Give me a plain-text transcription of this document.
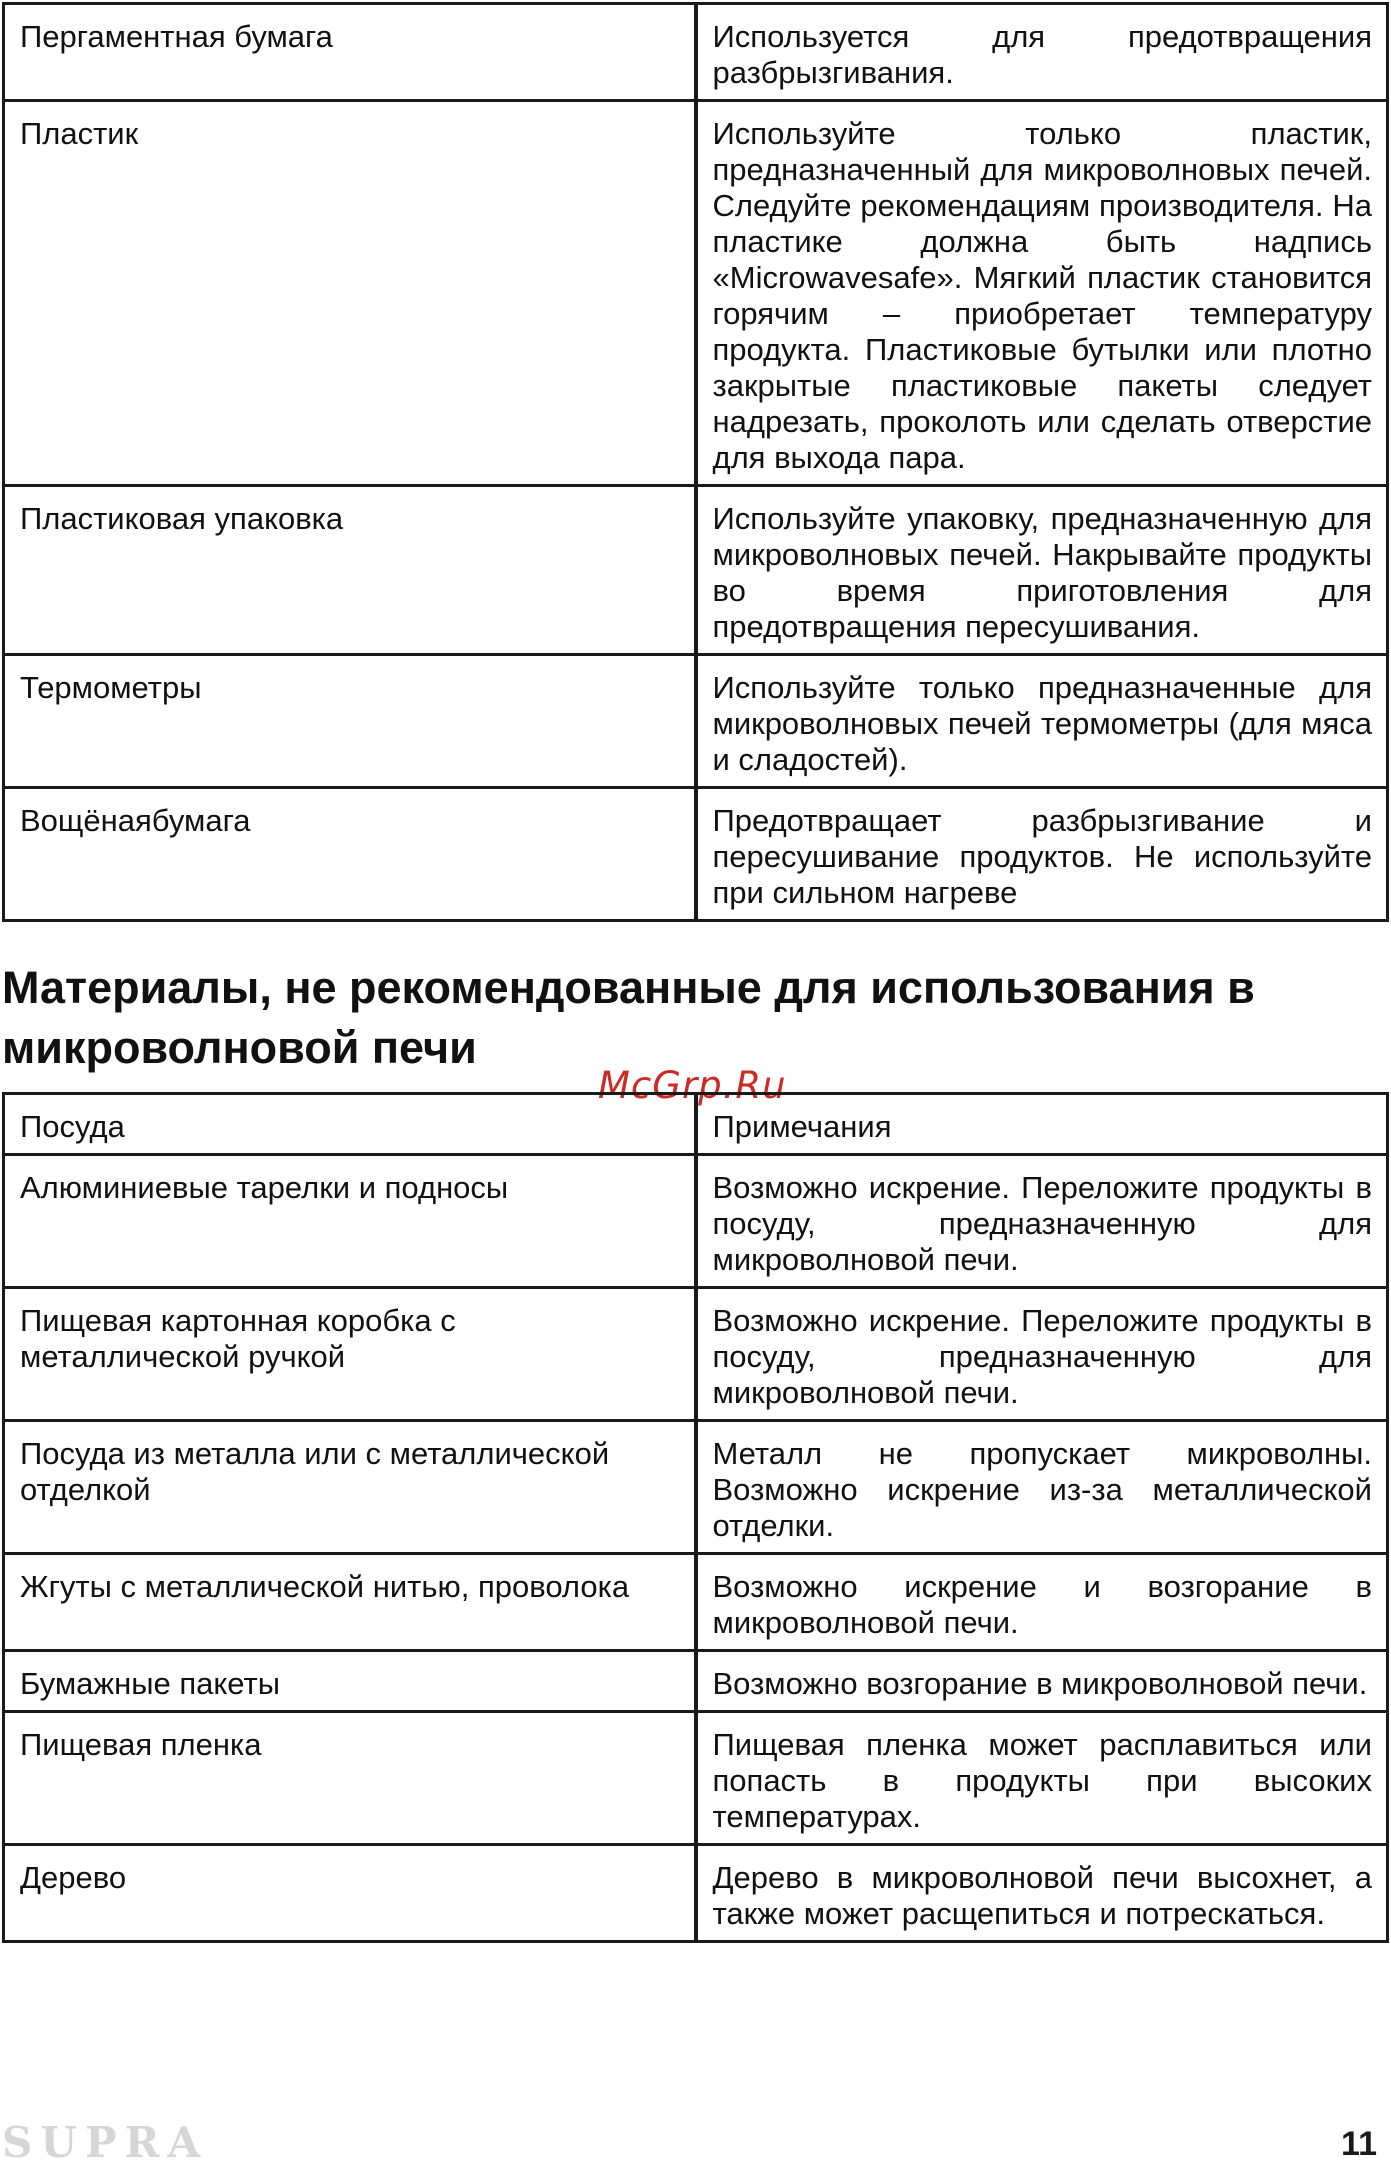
Пергаментная бумага	Используется для предотвращения разбрызгивания.
Пластик	Используйте только пластик, предназначенный для микроволновых печей. Следуйте рекомендациям производителя. На пластике должна быть надпись «Microwavesafe». Мягкий пластик становится горячим – приобретает температуру продукта. Пластиковые бутылки или плотно закрытые пластиковые пакеты следует надрезать, проколоть или сделать отверстие для выхода пара.
Пластиковая упаковка	Используйте упаковку, предназначенную для микроволновых печей. Накрывайте продукты во время приготовления для предотвращения пересушивания.
Термометры	Используйте только предназначенные для микроволновых печей термометры (для мяса и сладостей).
Вощёнаябумага	Предотвращает разбрызгивание и пересушивание продуктов. Не используйте при сильном нагреве
Материалы, не рекомендованные для использования в микроволновой печи
McGrp.Ru
Посуда	Примечания
Алюминиевые тарелки и подносы	Возможно искрение. Переложите продукты в посуду, предназначенную для микроволновой печи.
Пищевая картонная коробка с металлической ручкой	Возможно искрение. Переложите продукты в посуду, предназначенную для микроволновой печи.
Посуда из металла или с металлической отделкой	Металл не пропускает микроволны. Возможно искрение из-за металлической отделки.
Жгуты с металлической нитью, проволока	Возможно искрение и возгорание в микроволновой печи.
Бумажные пакеты	Возможно возгорание в микроволновой печи.
Пищевая пленка	Пищевая пленка может расплавиться или попасть в продукты при высоких температурах.
Дерево	Дерево в микроволновой печи высохнет, а также может расщепиться и потрескаться.
SUPRA	11
